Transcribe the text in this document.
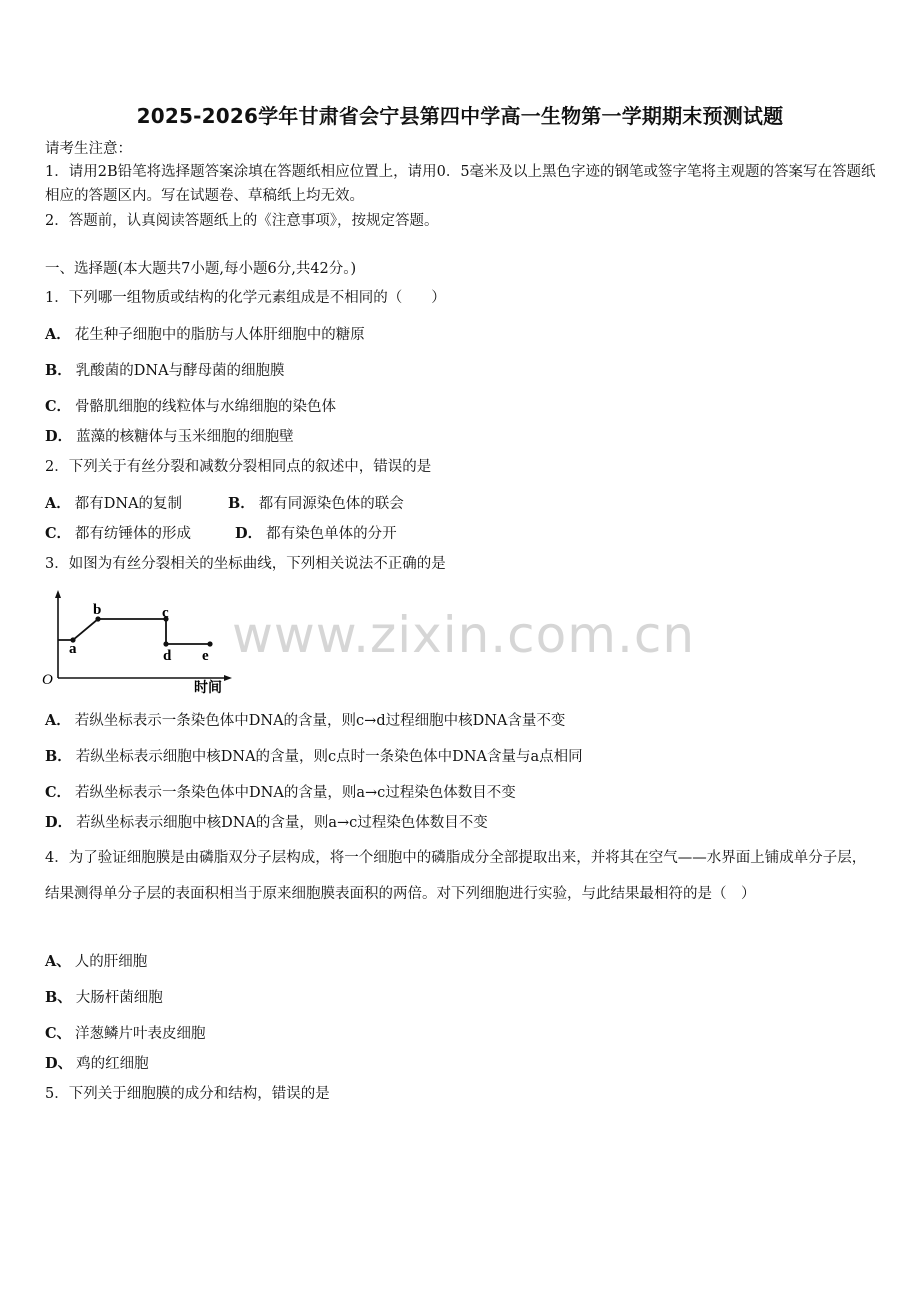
2025-2026学年甘肃省会宁县第四中学高一生物第一学期期末预测试题
请考生注意：
1．请用2B铅笔将选择题答案涂填在答题纸相应位置上，请用0．5毫米及以上黑色字迹的钢笔或签字笔将主观题的答案写在答题纸相应的答题区内。写在试题卷、草稿纸上均无效。
2．答题前，认真阅读答题纸上的《注意事项》，按规定答题。
一、选择题(本大题共7小题,每小题6分,共42分。)
1．下列哪一组物质或结构的化学元素组成是不相同的（　　）
A． 花生种子细胞中的脂肪与人体肝细胞中的糖原
B． 乳酸菌的DNA与酵母菌的细胞膜
C． 骨骼肌细胞的线粒体与水绵细胞的染色体
D． 蓝藻的核糖体与玉米细胞的细胞壁
2．下列关于有丝分裂和减数分裂相同点的叙述中，错误的是
A． 都有DNA的复制	B． 都有同源染色体的联会
C． 都有纺锤体的形成	D． 都有染色单体的分开
3．如图为有丝分裂相关的坐标曲线，下列相关说法不正确的是
a
b	c
d e
O
时间
www.zixin.com.cn
A． 若纵坐标表示一条染色体中DNA的含量，则c→d过程细胞中核DNA含量不变
B． 若纵坐标表示细胞中核DNA的含量，则c点时一条染色体中DNA含量与a点相同
C． 若纵坐标表示一条染色体中DNA的含量，则a→c过程染色体数目不变
D． 若纵坐标表示细胞中核DNA的含量，则a→c过程染色体数目不变
4．为了验证细胞膜是由磷脂双分子层构成，将一个细胞中的磷脂成分全部提取出来，并将其在空气——水界面上铺成单分子层，结果测得单分子层的表面积相当于原来细胞膜表面积的两倍。对下列细胞进行实验，与此结果最相符的是（　）
A、 人的肝细胞
B、 大肠杆菌细胞
C、 洋葱鳞片叶表皮细胞
D、 鸡的红细胞
5．下列关于细胞膜的成分和结构，错误的是
